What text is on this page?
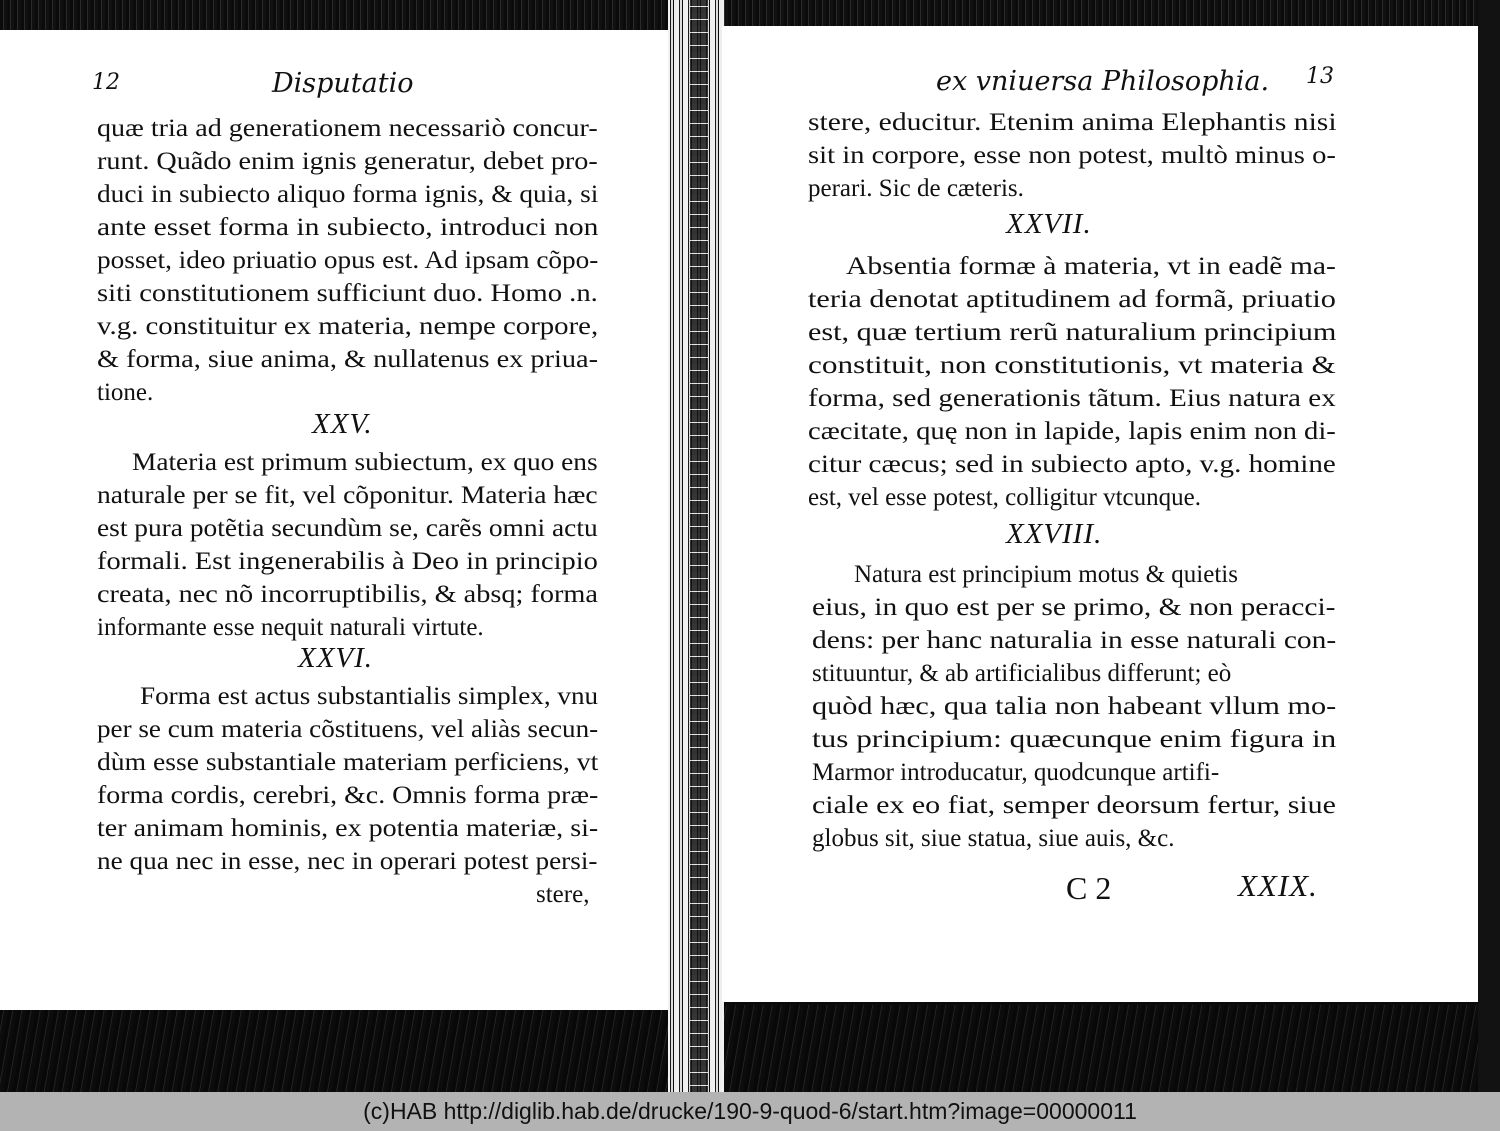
12	Disputatio
quæ tria ad generationem necessariò concur-
runt. Quãdo enim ignis generatur, debet pro-
duci in subiecto aliquo forma ignis, & quia, si
ante esset forma in subiecto, introduci non
posset, ideo priuatio opus est. Ad ipsam cõpo-
siti constitutionem sufficiunt duo. Homo .n.
v.g. constituitur ex materia, nempe corpore,
& forma, siue anima, & nullatenus ex priua-
tione.
XXV.
Materia est primum subiectum, ex quo ens
naturale per se fit, vel cõponitur. Materia hæc
est pura potẽtia secundùm se, carẽs omni actu
formali. Est ingenerabilis à Deo in principio
creata, nec nõ incorruptibilis, & absq; forma
informante esse nequit naturali virtute.
XXVI.
Forma est actus substantialis simplex, vnu
per se cum materia cõstituens, vel aliàs secun-
dùm esse substantiale materiam perficiens, vt
forma cordis, cerebri, &c. Omnis forma præ-
ter animam hominis, ex potentia materiæ, si-
ne qua nec in esse, nec in operari potest persi-
stere,
ex vniuersa Philosophia. 13
stere, educitur. Etenim anima Elephantis nisi
sit in corpore, esse non potest, multò minus o-
perari. Sic de cæteris.
XXVII.
Absentia formæ à materia, vt in eadẽ ma-
teria denotat aptitudinem ad formã, priuatio
est, quæ tertium rerũ naturalium principium
constituit, non constitutionis, vt materia &
forma, sed generationis tãtum. Eius natura ex
cæcitate, quę non in lapide, lapis enim non di-
citur cæcus; sed in subiecto apto, v.g. homine
est, vel esse potest, colligitur vtcunque.
XXVIII.
Natura est principium motus & quietis
eius, in quo est per se primo, & non peracci-
dens: per hanc naturalia in esse naturali con-
stituuntur, & ab artificialibus differunt; eò
quòd hæc, qua talia non habeant vllum mo-
tus principium: quæcunque enim figura in
Marmor introducatur, quodcunque artifi-
ciale ex eo fiat, semper deorsum fertur, siue
globus sit, siue statua, siue auis, &c.
C 2	XXIX.
(c)HAB http://diglib.hab.de/drucke/190-9-quod-6/start.htm?image=00000011
